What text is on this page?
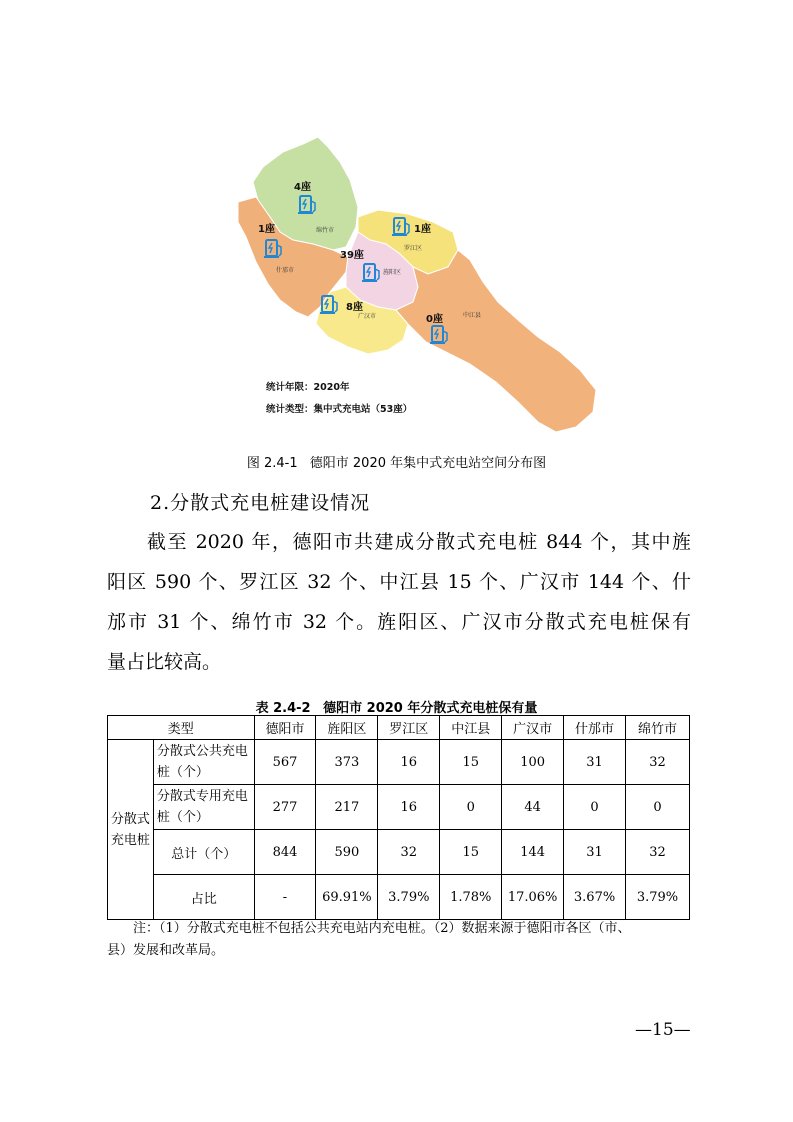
绵竹市
什邡市
罗江区
旌阳区
广汉市	中江县
4座
1座	1座
39座
8座
0座
统计年限：2020年
统计类型：集中式充电站（53座）
图 2.4-1 德阳市 2020 年集中式充电站空间分布图
2.分散式充电桩建设情况
截至 2020 年，德阳市共建成分散式充电桩 844 个，其中旌
阳区 590 个、罗江区 32 个、中江县 15 个、广汉市 144 个、什
邡市 31 个、绵竹市 32 个。旌阳区、广汉市分散式充电桩保有
量占比较高。
表 2.4-2 德阳市 2020 年分散式充电桩保有量
类型		德阳市	旌阳区	罗江区	中江县	广汉市	什邡市	绵竹市
分散式充电桩	分散式公共充电桩（个）	567	373	16	15	100	31	32
	分散式专用充电桩（个）	277	217	16	0	44	0	0
	总计（个）	844	590	32	15	144	31	32
	占比	-	69.91%	3.79%	1.78%	17.06%	3.67%	3.79%
注：（1）分散式充电桩不包括公共充电站内充电桩。（2）数据来源于德阳市各区（市、
县）发展和改革局。
—15—
